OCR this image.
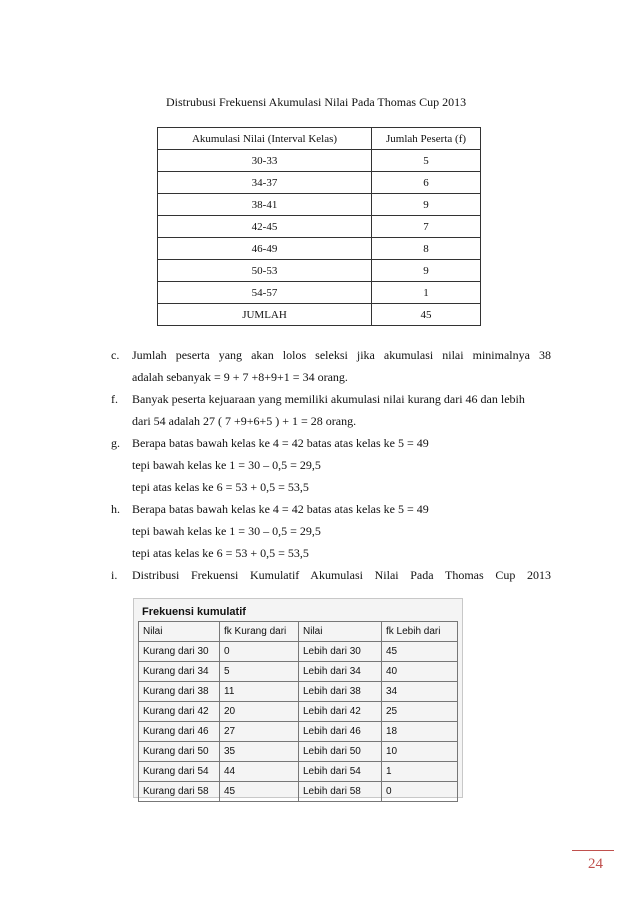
Distrubusi Frekuensi Akumulasi Nilai Pada Thomas Cup 2013
Akumulasi Nilai (Interval Kelas)	Jumlah Peserta (f)
30-33	5
34-37	6
38-41	9
42-45	7
46-49	8
50-53	9
54-57	1
JUMLAH	45
c.	Jumlah peserta yang akan lolos seleksi jika akumulasi nilai minimalnya 38
adalah sebanyak = 9 + 7 +8+9+1 = 34 orang.
f.	Banyak peserta kejuaraan yang memiliki akumulasi nilai kurang dari 46 dan lebih
dari 54 adalah 27 ( 7 +9+6+5 ) + 1 = 28 orang.
g.	Berapa batas bawah kelas ke 4 = 42 batas atas kelas ke 5 = 49
tepi bawah kelas ke 1 = 30 – 0,5 = 29,5
tepi atas kelas ke 6 = 53 + 0,5 = 53,5
h.	Berapa batas bawah kelas ke 4 = 42 batas atas kelas ke 5 = 49
tepi bawah kelas ke 1 = 30 – 0,5 = 29,5
tepi atas kelas ke 6 = 53 + 0,5 = 53,5
i.	Distribusi Frekuensi Kumulatif Akumulasi Nilai Pada Thomas Cup 2013
Frekuensi kumulatif
Nilai	fk Kurang dari	Nilai	fk Lebih dari
Kurang dari 30	0	Lebih dari 30	45
Kurang dari 34	5	Lebih dari 34	40
Kurang dari 38	11	Lebih dari 38	34
Kurang dari 42	20	Lebih dari 42	25
Kurang dari 46	27	Lebih dari 46	18
Kurang dari 50	35	Lebih dari 50	10
Kurang dari 54	44	Lebih dari 54	1
Kurang dari 58	45	Lebih dari 58	0
24
